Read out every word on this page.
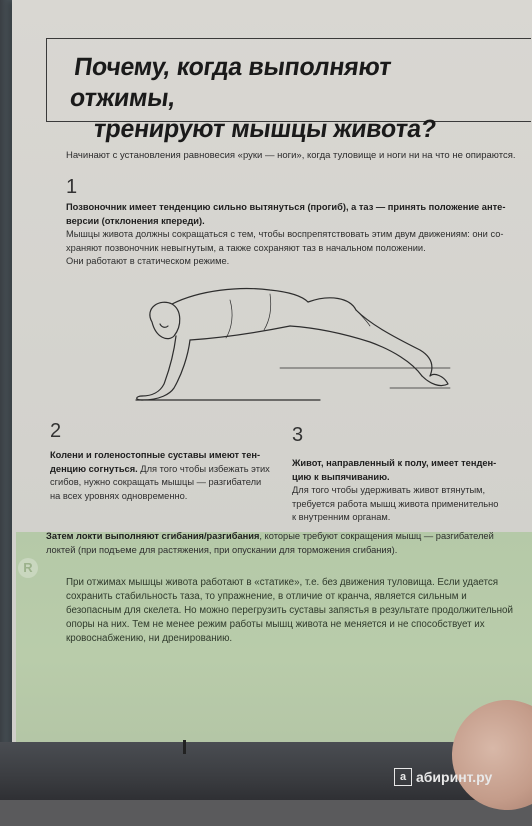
Почему, когда выполняют отжимы,
тренируют мышцы живота?

Начинают с установления равновесия «руки — ноги», когда туловище и ноги ни на что не опираются.

1

Позвоночник имеет тенденцию сильно вытянуться (прогиб), а таз — принять положение анте-
версии (отклонения кпереди).
Мышцы живота должны сокращаться с тем, чтобы воспрепятствовать этим двум движениям: они со-
храняют позвоночник невыгнутым, а также сохраняют таз в начальном положении.
Они работают в статическом режиме.

2

Колени и голеностопные суставы имеют тен-
денцию согнуться. Для того чтобы избежать этих
сгибов, нужно сокращать мышцы — разгибатели
на всех уровнях одновременно.

3

Живот, направленный к полу, имеет тенден-
цию к выпячиванию.
Для того чтобы удерживать живот втянутым,
требуется работа мышц живота применительно
к внутренним органам.

Затем локти выполняют сгибания/разгибания, которые требуют сокращения мышц — разгибателей
локтей (при подъеме для растяжения, при опускании для торможения сгибания).

R

При отжимах мышцы живота работают в «статике», т.е. без движения туловища. Если удается
сохранить стабильность таза, то упражнение, в отличие от кранча, является сильным и
безопасным для скелета. Но можно перегрузить суставы запястья в результате продолжительной
опоры на них. Тем не менее режим работы мышц живота не меняется и не способствует их
кровоснабжению, ни дренированию.

а абиринт.ру
